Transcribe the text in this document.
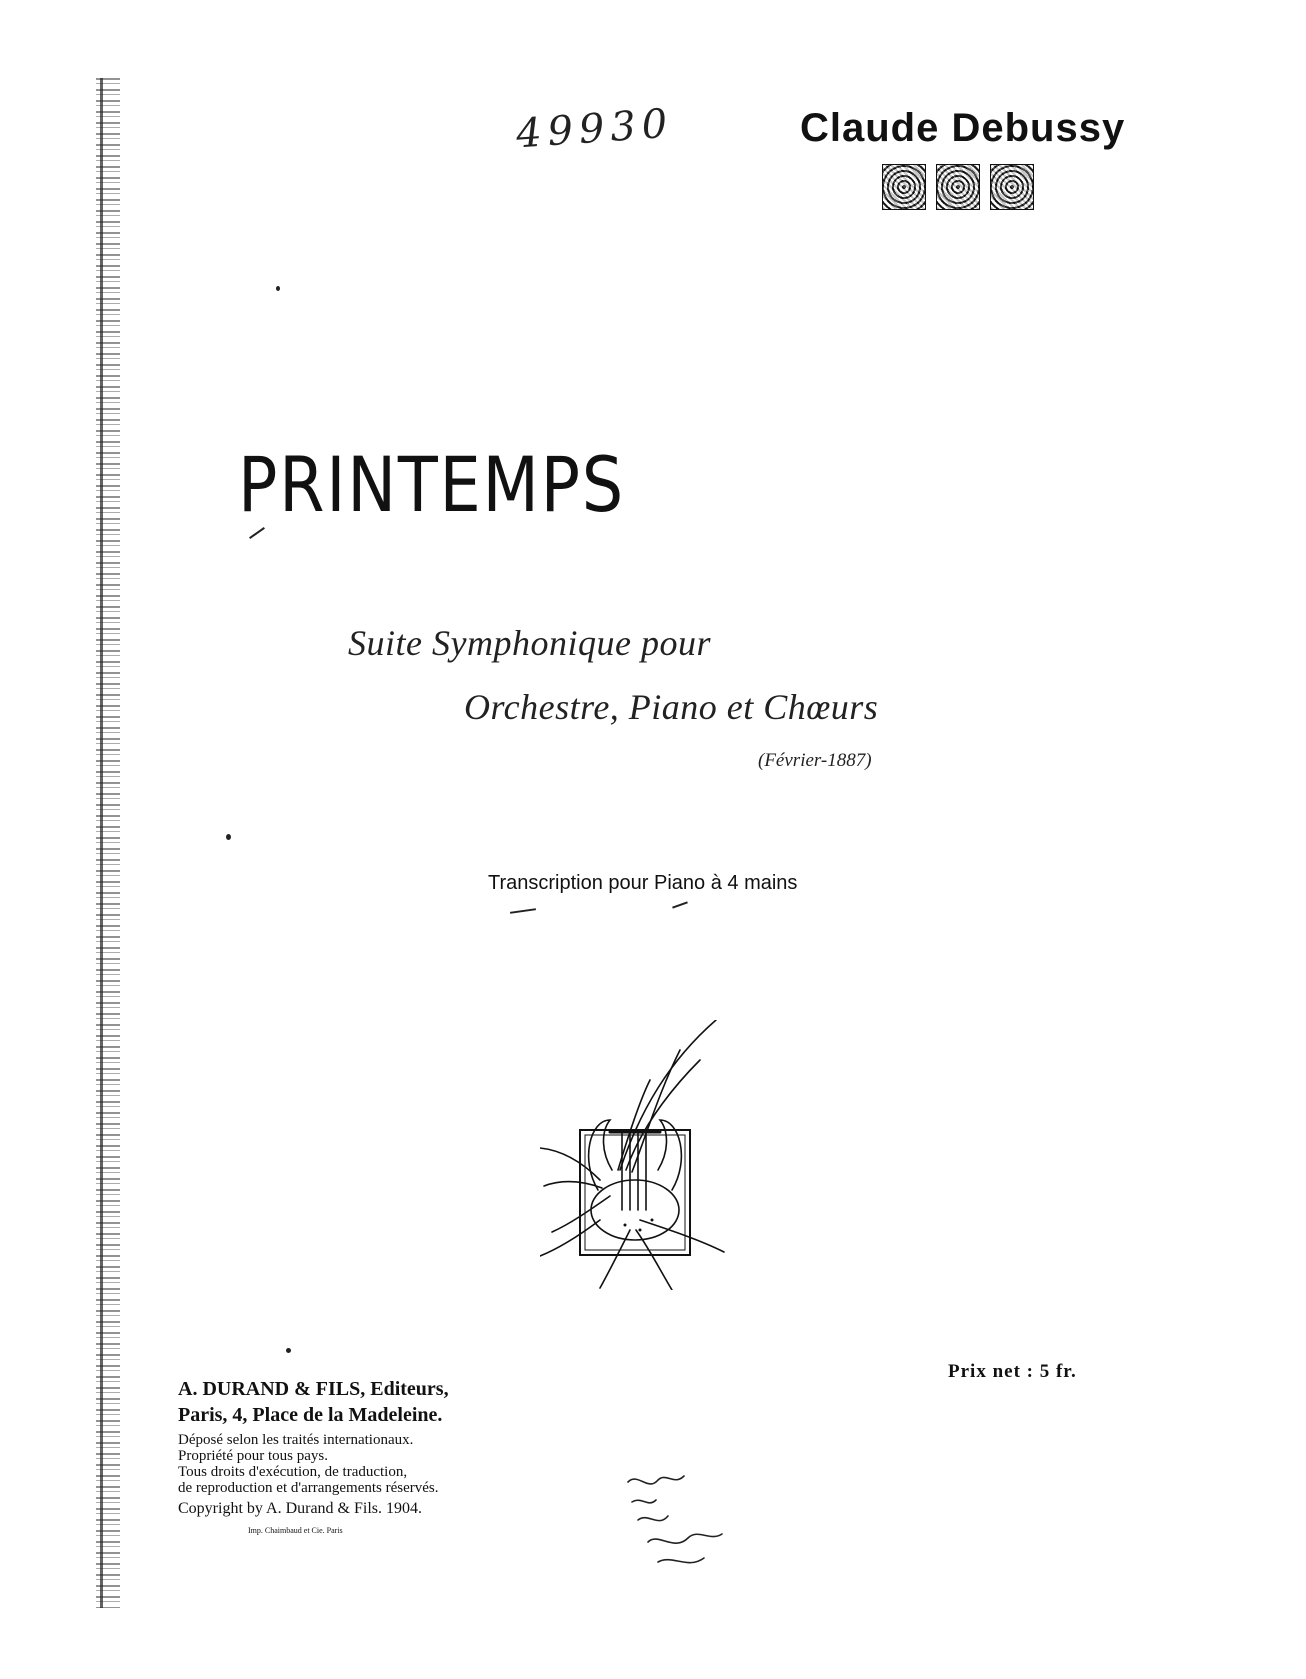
49930	Claude Debussy
PRINTEMPS
Suite Symphonique pour
Orchestre, Piano et Chœurs
(Février-1887)
Transcription pour Piano à 4 mains
Prix net : 5 fr.
A. DURAND & FILS, Editeurs,
Paris, 4, Place de la Madeleine.
Déposé selon les traités internationaux.
Propriété pour tous pays.
Tous droits d'exécution, de traduction,
de reproduction et d'arrangements réservés.
Copyright by A. Durand & Fils. 1904.
Imp. Chaimbaud et Cie. Paris
